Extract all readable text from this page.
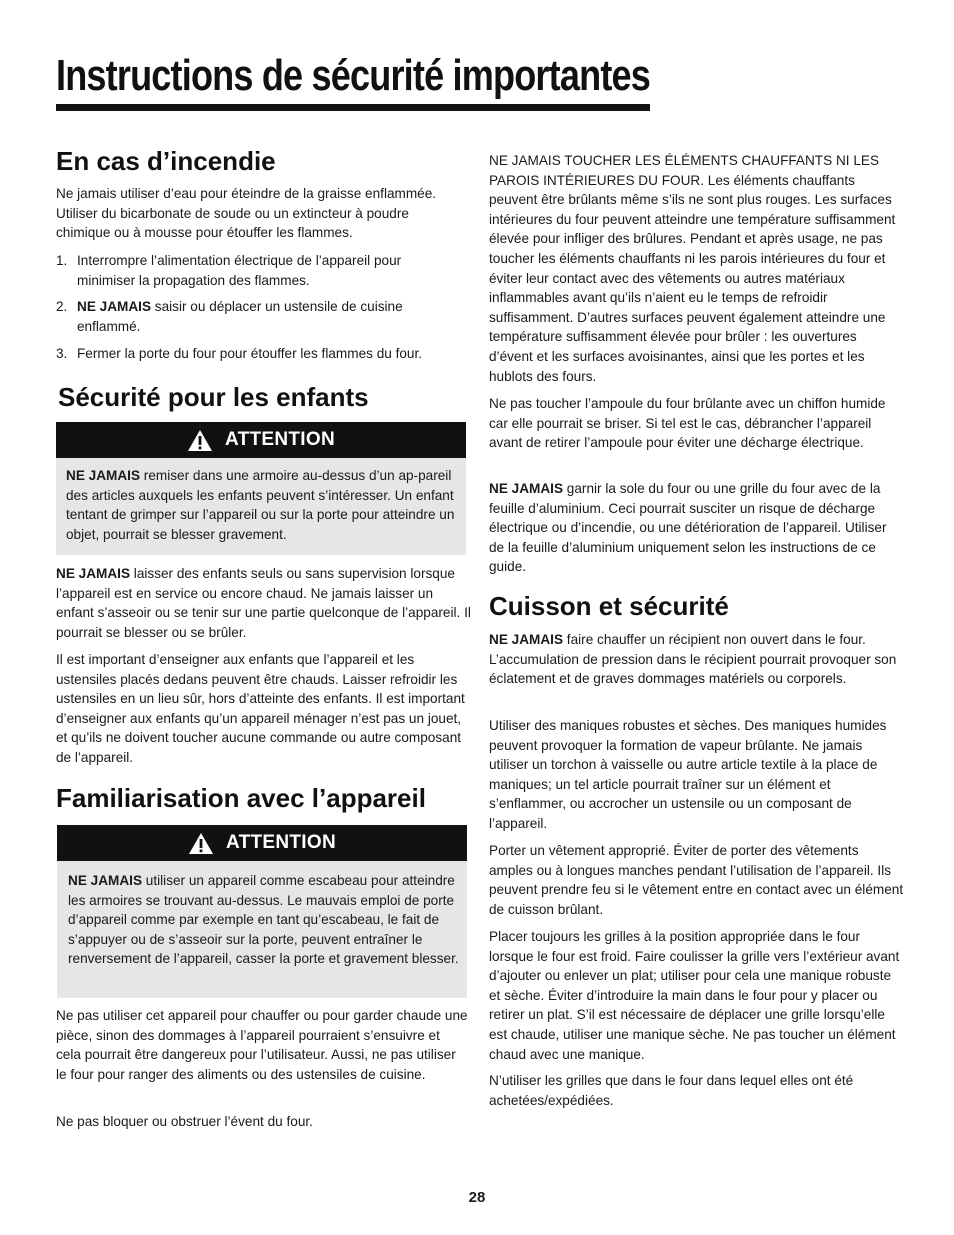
Instructions de sécurité importantes
En cas d’incendie

Ne jamais utiliser d’eau pour éteindre de la graisse enflammée. Utiliser du bicarbonate de soude ou un extincteur à poudre chimique ou à mousse pour étouffer les flammes.

1. Interrompre l’alimentation électrique de l’appareil pour minimiser la propagation des flammes.
2. NE JAMAIS saisir ou déplacer un ustensile de cuisine enflammé.
3. Fermer la porte du four pour étouffer les flammes du four.
Sécurité pour les enfants
ATTENTION
NE JAMAIS remiser dans une armoire au-dessus d’un ap-pareil des articles auxquels les enfants peuvent s’intéresser. Un enfant tentant de grimper sur l’appareil ou sur la porte pour atteindre un objet, pourrait se blesser gravement.

NE JAMAIS laisser des enfants seuls ou sans supervision lorsque l’appareil est en service ou encore chaud. Ne jamais laisser un enfant s’asseoir ou se tenir sur une partie quelconque de l’appareil. Il pourrait se blesser ou se brûler.

Il est important d’enseigner aux enfants que l’appareil et les ustensiles placés dedans peuvent être chauds. Laisser refroidir les ustensiles en un lieu sûr, hors d’atteinte des enfants. Il est important d’enseigner aux enfants qu’un appareil ménager n’est pas un jouet, et qu’ils ne doivent toucher aucune commande ou autre composant de l’appareil.

Familiarisation avec l’appareil
ATTENTION
NE JAMAIS utiliser un appareil comme escabeau pour atteindre les armoires se trouvant au-dessus. Le mauvais emploi de porte d’appareil comme par exemple en tant qu’escabeau, le fait de s’appuyer ou de s’asseoir sur la porte, peuvent entraîner le renversement de l’appareil, casser la porte et gravement blesser.

Ne pas utiliser cet appareil pour chauffer ou pour garder chaude une pièce, sinon des dommages à l’appareil pourraient s’ensuivre et cela pourrait être dangereux pour l’utilisateur. Aussi, ne pas utiliser le four pour ranger des aliments ou des ustensiles de cuisine.

Ne pas bloquer ou obstruer l’évent du four.

NE JAMAIS TOUCHER LES ÉLÉMENTS CHAUFFANTS NI LES PAROIS INTÉRIEURES DU FOUR. Les éléments chauffants peuvent être brûlants même s’ils ne sont plus rouges. Les surfaces intérieures du four peuvent atteindre une température suffisamment élevée pour infliger des brûlures. Pendant et après usage, ne pas toucher les éléments chauffants ni les parois intérieures du four et éviter leur contact avec des vêtements ou autres matériaux inflammables avant qu’ils n’aient eu le temps de refroidir suffisamment. D’autres surfaces peuvent également atteindre une température suffisamment élevée pour brûler : les ouvertures d’évent et les surfaces avoisinantes, ainsi que les portes et les hublots des fours.

Ne pas toucher l’ampoule du four brûlante avec un chiffon humide car elle pourrait se briser. Si tel est le cas, débrancher l’appareil avant de retirer l’ampoule pour éviter une décharge électrique.

NE JAMAIS garnir la sole du four ou une grille du four avec de la feuille d’aluminium. Ceci pourrait susciter un risque de décharge électrique ou d’incendie, ou une détérioration de l’appareil. Utiliser de la feuille d’aluminium uniquement selon les instructions de ce guide.

Cuisson et sécurité

NE JAMAIS faire chauffer un récipient non ouvert dans le four. L’accumulation de pression dans le récipient pourrait provoquer son éclatement et de graves dommages matériels ou corporels.

Utiliser des maniques robustes et sèches. Des maniques humides peuvent provoquer la formation de vapeur brûlante. Ne jamais utiliser un torchon à vaisselle ou autre article textile à la place de maniques; un tel article pourrait traîner sur un élément et s’enflammer, ou accrocher un ustensile ou un composant de l’appareil.

Porter un vêtement approprié. Éviter de porter des vêtements amples ou à longues manches pendant l’utilisation de l’appareil. Ils peuvent prendre feu si le vêtement entre en contact avec un élément de cuisson brûlant.

Placer toujours les grilles à la position appropriée dans le four lorsque le four est froid. Faire coulisser la grille vers l’extérieur avant d’ajouter ou enlever un plat; utiliser pour cela une manique robuste et sèche. Éviter d’introduire la main dans le four pour y placer ou retirer un plat. S’il est nécessaire de déplacer une grille lorsqu’elle est chaude, utiliser une manique sèche. Ne pas toucher un élément chaud avec une manique.

N’utiliser les grilles que dans le four dans lequel elles ont été achetées/expédiées.

28
